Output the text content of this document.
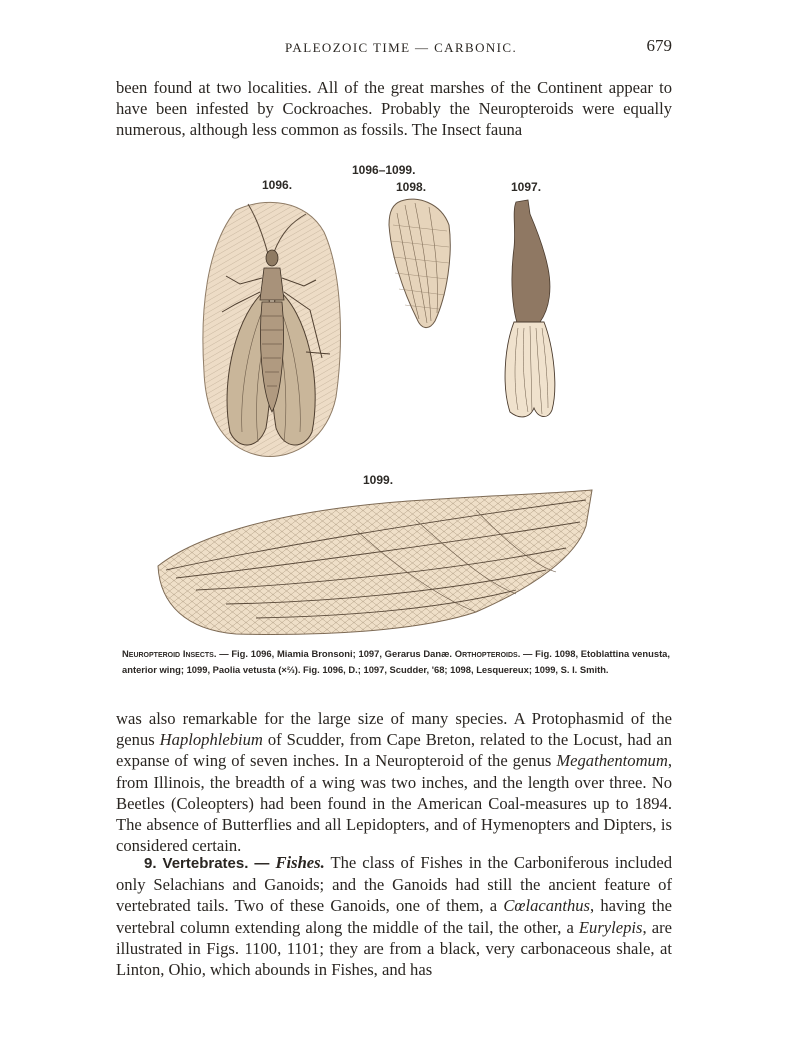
PALEOZOIC TIME — CARBONIC.	679

been found at two localities. All of the great marshes of the Continent appear to have been infested by Cockroaches. Probably the Neuropteroids were equally numerous, although less common as fossils. The Insect fauna

1096–1099.
1096.	1098.	1097.
1099.

Neuropteroid Insects. — Fig. 1096, Miamia Bronsoni; 1097, Gerarus Danæ. Orthopteroids. — Fig. 1098, Etoblattina venusta, anterior wing; 1099, Paolia vetusta (×⅔). Fig. 1096, D.; 1097, Scudder, '68; 1098, Lesquereux; 1099, S. I. Smith.

was also remarkable for the large size of many species. A Protophasmid of the genus Haplophlebium of Scudder, from Cape Breton, related to the Locust, had an expanse of wing of seven inches. In a Neuropteroid of the genus Megathentomum, from Illinois, the breadth of a wing was two inches, and the length over three. No Beetles (Coleopters) had been found in the American Coal-measures up to 1894. The absence of Butterflies and all Lepidopters, and of Hymenopters and Dipters, is considered certain.

9. Vertebrates. — Fishes. The class of Fishes in the Carboniferous included only Selachians and Ganoids; and the Ganoids had still the ancient feature of vertebrated tails. Two of these Ganoids, one of them, a Cœlacanthus, having the vertebral column extending along the middle of the tail, the other, a Eurylepis, are illustrated in Figs. 1100, 1101; they are from a black, very carbonaceous shale, at Linton, Ohio, which abounds in Fishes, and has
